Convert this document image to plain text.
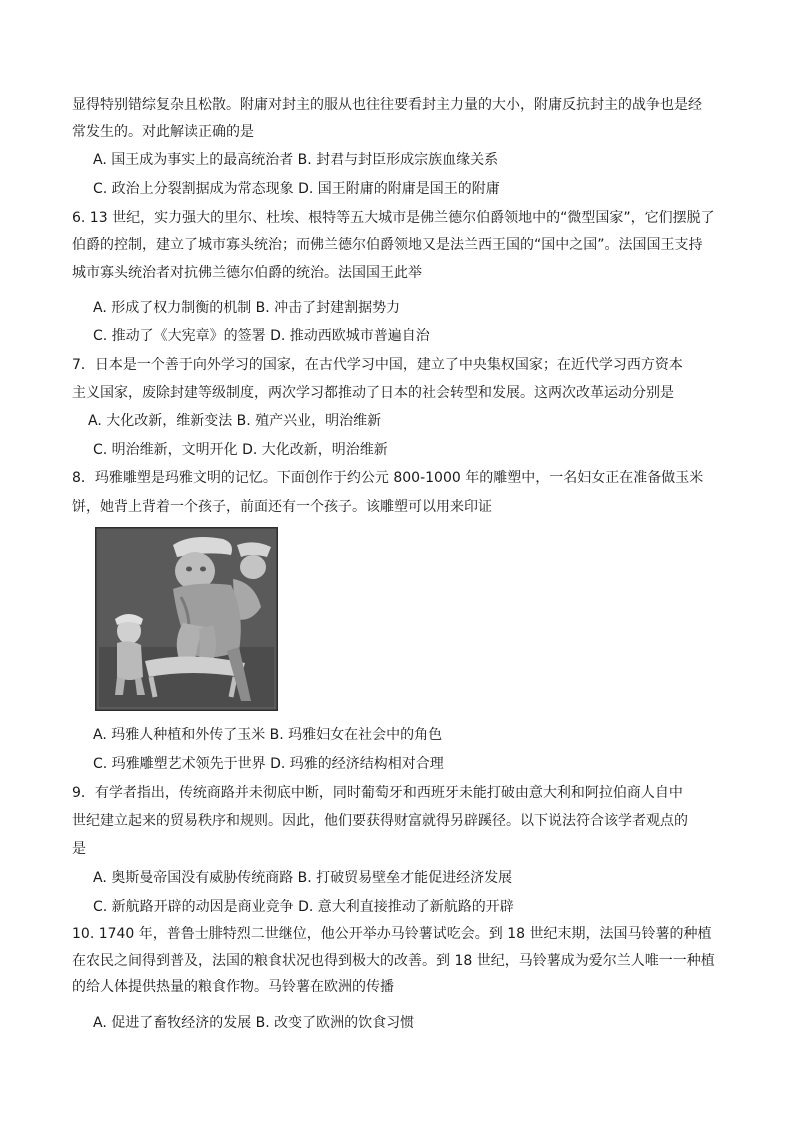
显得特别错综复杂且松散。附庸对封主的服从也往往要看封主力量的大小，附庸反抗封主的战争也是经
常发生的。对此解读正确的是
A. 国王成为事实上的最高统治者 B. 封君与封臣形成宗族血缘关系
C. 政治上分裂割据成为常态现象 D. 国王附庸的附庸是国王的附庸
6. 13 世纪，实力强大的里尔、杜埃、根特等五大城市是佛兰德尔伯爵领地中的“微型国家”，它们摆脱了
伯爵的控制，建立了城市寡头统治；而佛兰德尔伯爵领地又是法兰西王国的“国中之国”。法国国王支持
城市寡头统治者对抗佛兰德尔伯爵的统治。法国国王此举
A. 形成了权力制衡的机制 B. 冲击了封建割据势力
C. 推动了《大宪章》的签署 D. 推动西欧城市普遍自治
7．日本是一个善于向外学习的国家，在古代学习中国，建立了中央集权国家；在近代学习西方资本
主义国家，废除封建等级制度，两次学习都推动了日本的社会转型和发展。这两次改革运动分别是
A. 大化改新，维新变法 B. 殖产兴业，明治维新
C. 明治维新，文明开化 D. 大化改新，明治维新
8．玛雅雕塑是玛雅文明的记忆。下面创作于约公元 800-1000 年的雕塑中，一名妇女正在准备做玉米
饼，她背上背着一个孩子，前面还有一个孩子。该雕塑可以用来印证
A. 玛雅人种植和外传了玉米 B. 玛雅妇女在社会中的角色
C. 玛雅雕塑艺术领先于世界 D. 玛雅的经济结构相对合理
9．有学者指出，传统商路并未彻底中断，同时葡萄牙和西班牙未能打破由意大利和阿拉伯商人自中
世纪建立起来的贸易秩序和规则。因此，他们要获得财富就得另辟蹊径。以下说法符合该学者观点的
是
A. 奥斯曼帝国没有威胁传统商路 B. 打破贸易壁垒才能促进经济发展
C. 新航路开辟的动因是商业竞争 D. 意大利直接推动了新航路的开辟
10. 1740 年，普鲁士腓特烈二世继位，他公开举办马铃薯试吃会。到 18 世纪末期，法国马铃薯的种植
在农民之间得到普及，法国的粮食状况也得到极大的改善。到 18 世纪，马铃薯成为爱尔兰人唯一一种植
的给人体提供热量的粮食作物。马铃薯在欧洲的传播
A. 促进了畜牧经济的发展 B. 改变了欧洲的饮食习惯
